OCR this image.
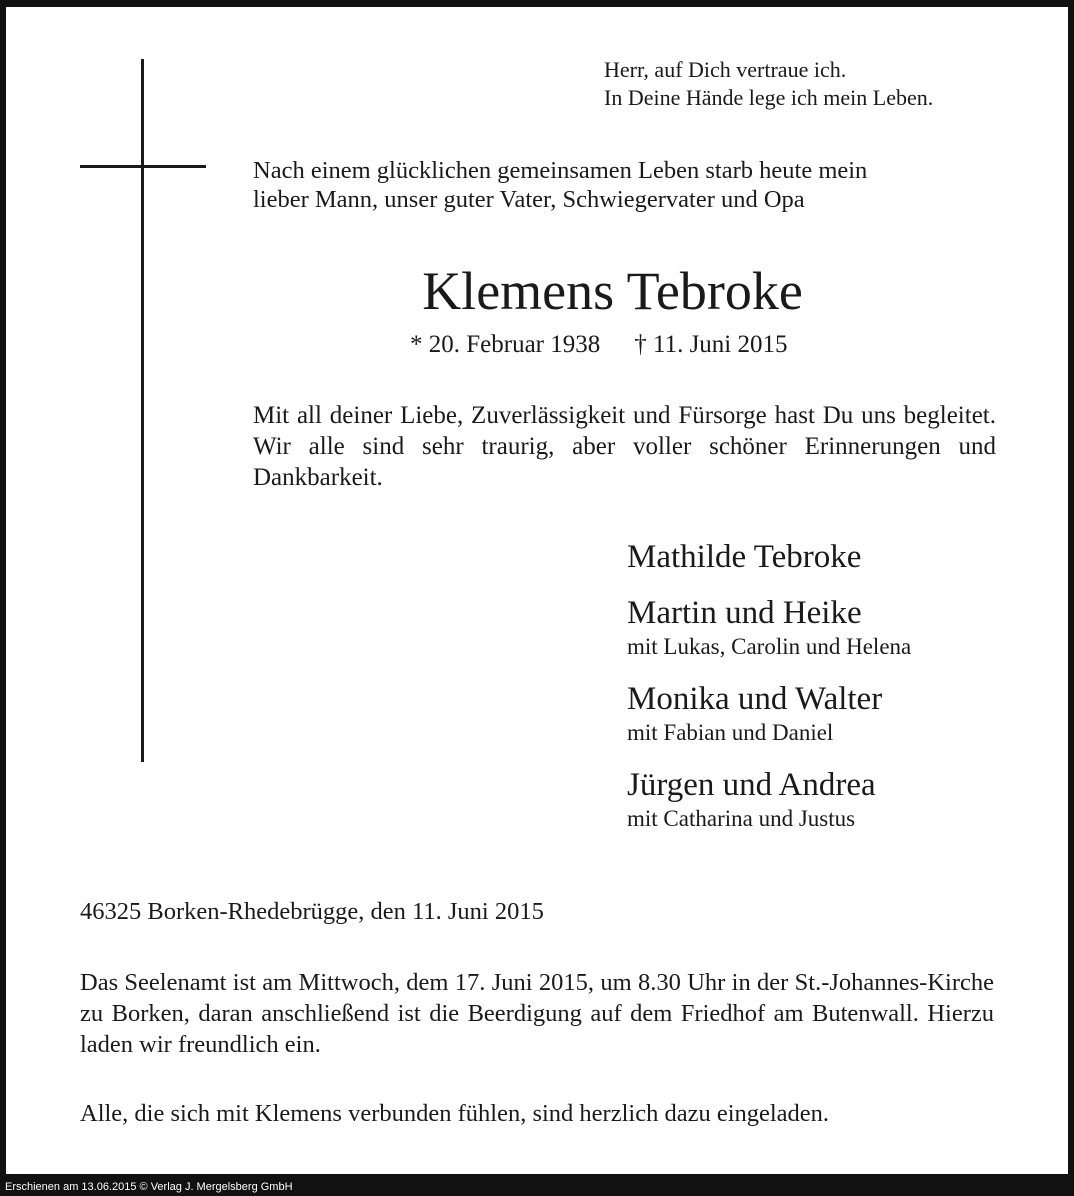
Herr, auf Dich vertraue ich.
In Deine Hände lege ich mein Leben.
Nach einem glücklichen gemeinsamen Leben starb heute mein
lieber Mann, unser guter Vater, Schwiegervater und Opa
Klemens Tebroke
* 20. Februar 1938 † 11. Juni 2015
Mit all deiner Liebe, Zuverlässigkeit und Fürsorge hast Du uns begleitet. Wir alle sind sehr traurig, aber voller schöner Erinnerungen und Dankbarkeit.
Mathilde Tebroke
Martin und Heike
mit Lukas, Carolin und Helena
Monika und Walter
mit Fabian und Daniel
Jürgen und Andrea
mit Catharina und Justus
46325 Borken-Rhedebrügge, den 11. Juni 2015
Das Seelenamt ist am Mittwoch, dem 17. Juni 2015, um 8.30 Uhr in der St.-Johannes-Kirche zu Borken, daran anschließend ist die Beerdigung auf dem Friedhof am Butenwall. Hierzu laden wir freundlich ein.
Alle, die sich mit Klemens verbunden fühlen, sind herzlich dazu eingeladen.
Erschienen am 13.06.2015 © Verlag J. Mergelsberg GmbH
